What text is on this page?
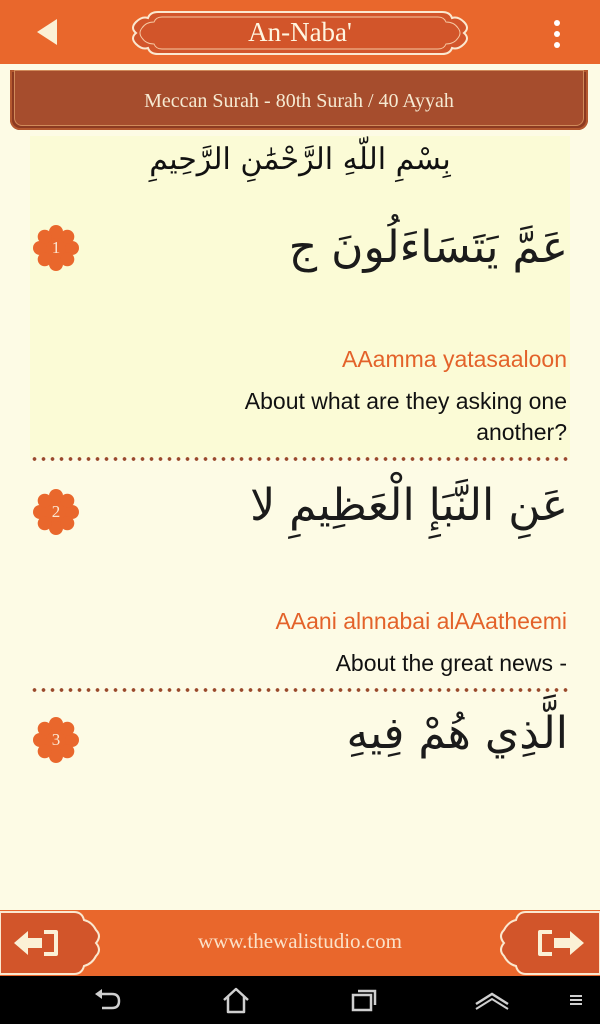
An-Naba'
Meccan Surah - 80th Surah / 40 Ayyah
بِسْمِ اللَّهِ الرَّحْمَٰنِ الرَّحِيمِ
1	عَمَّ يَتَسَاءَلُونَ ج
AAamma yatasaaloon
About what are they asking one another?
2	عَنِ النَّبَإِ الْعَظِيمِ لا
AAani alnnabai alAAatheemi
About the great news -
3	الَّذِي هُمْ فِيهِ
www.thewalistudio.com
